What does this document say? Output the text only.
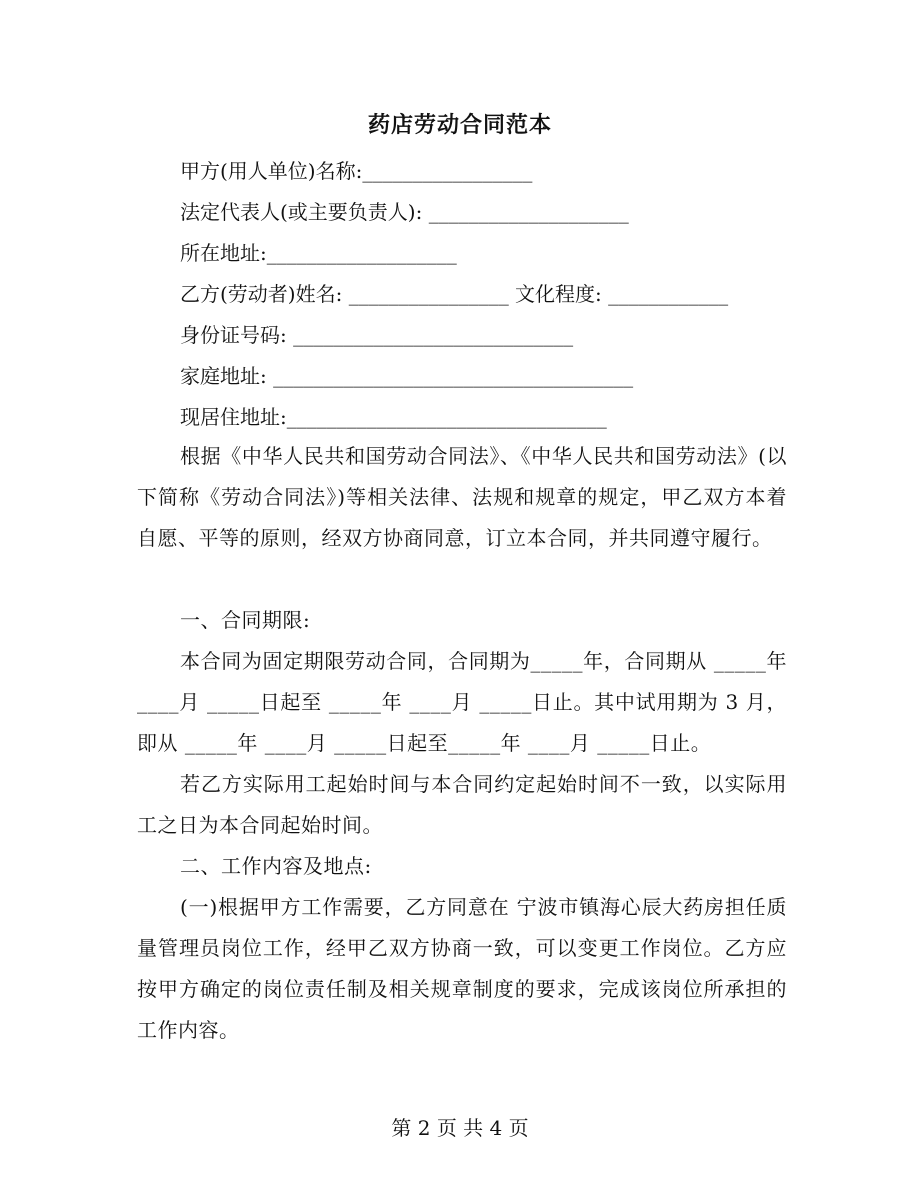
药店劳动合同范本
甲方(用人单位)名称:_________________
法定代表人(或主要负责人): ____________________
所在地址:___________________
乙方(劳动者)姓名: ________________ 文化程度: ____________
身份证号码: ____________________________
家庭地址: ____________________________________
现居住地址:________________________________
根据《中华人民共和国劳动合同法》、《中华人民共和国劳动法》(以下简称《劳动合同法》)等相关法律、法规和规章的规定，甲乙双方本着自愿、平等的原则，经双方协商同意，订立本合同，并共同遵守履行。
一、合同期限:
本合同为固定期限劳动合同，合同期为_____年，合同期从 _____年 ____月 _____日起至 _____年 ____月 _____日止。其中试用期为 3 月，即从 _____年 ____月 _____日起至_____年 ____月 _____日止。
若乙方实际用工起始时间与本合同约定起始时间不一致，以实际用工之日为本合同起始时间。
二、工作内容及地点:
(一)根据甲方工作需要，乙方同意在 宁波市镇海心辰大药房担任质量管理员岗位工作，经甲乙双方协商一致，可以变更工作岗位。乙方应按甲方确定的岗位责任制及相关规章制度的要求，完成该岗位所承担的工作内容。
第 2 页 共 4 页
